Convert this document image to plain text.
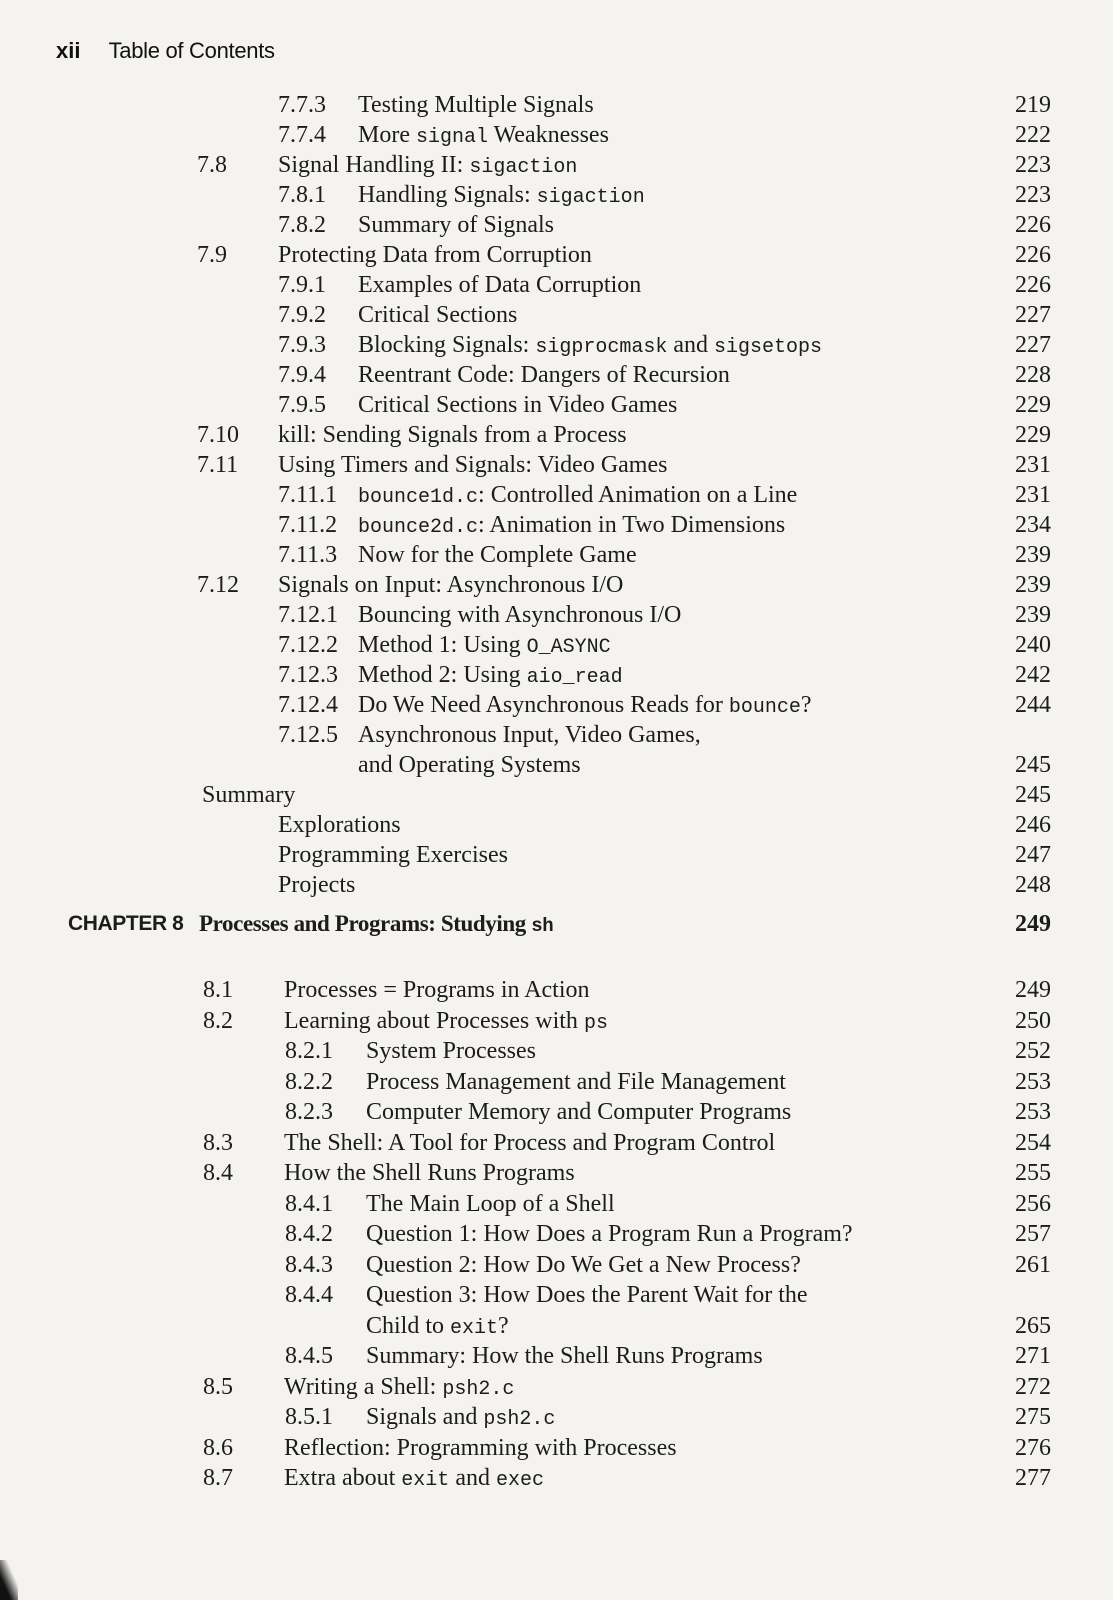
xii Table of Contents
7.7.3 Testing Multiple Signals	219
7.7.4 More signal Weaknesses	222
7.8 Signal Handling II: sigaction	223
7.8.1 Handling Signals: sigaction	223
7.8.2 Summary of Signals	226
7.9 Protecting Data from Corruption	226
7.9.1 Examples of Data Corruption	226
7.9.2 Critical Sections	227
7.9.3 Blocking Signals: sigprocmask and sigsetops	227
7.9.4 Reentrant Code: Dangers of Recursion	228
7.9.5 Critical Sections in Video Games	229
7.10 kill: Sending Signals from a Process	229
7.11 Using Timers and Signals: Video Games	231
7.11.1 bounce1d.c: Controlled Animation on a Line	231
7.11.2 bounce2d.c: Animation in Two Dimensions	234
7.11.3 Now for the Complete Game	239
7.12 Signals on Input: Asynchronous I/O	239
7.12.1 Bouncing with Asynchronous I/O	239
7.12.2 Method 1: Using O_ASYNC	240
7.12.3 Method 2: Using aio_read	242
7.12.4 Do We Need Asynchronous Reads for bounce?	244
7.12.5 Asynchronous Input, Video Games,
and Operating Systems	245
Summary	245
Explorations	246
Programming Exercises	247
Projects	248
CHAPTER 8 Processes and Programs: Studying sh	249
8.1 Processes = Programs in Action	249
8.2 Learning about Processes with ps	250
8.2.1 System Processes	252
8.2.2 Process Management and File Management	253
8.2.3 Computer Memory and Computer Programs	253
8.3 The Shell: A Tool for Process and Program Control	254
8.4 How the Shell Runs Programs	255
8.4.1 The Main Loop of a Shell	256
8.4.2 Question 1: How Does a Program Run a Program?	257
8.4.3 Question 2: How Do We Get a New Process?	261
8.4.4 Question 3: How Does the Parent Wait for the
Child to exit?	265
8.4.5 Summary: How the Shell Runs Programs	271
8.5 Writing a Shell: psh2.c	272
8.5.1 Signals and psh2.c	275
8.6 Reflection: Programming with Processes	276
8.7 Extra about exit and exec	277
